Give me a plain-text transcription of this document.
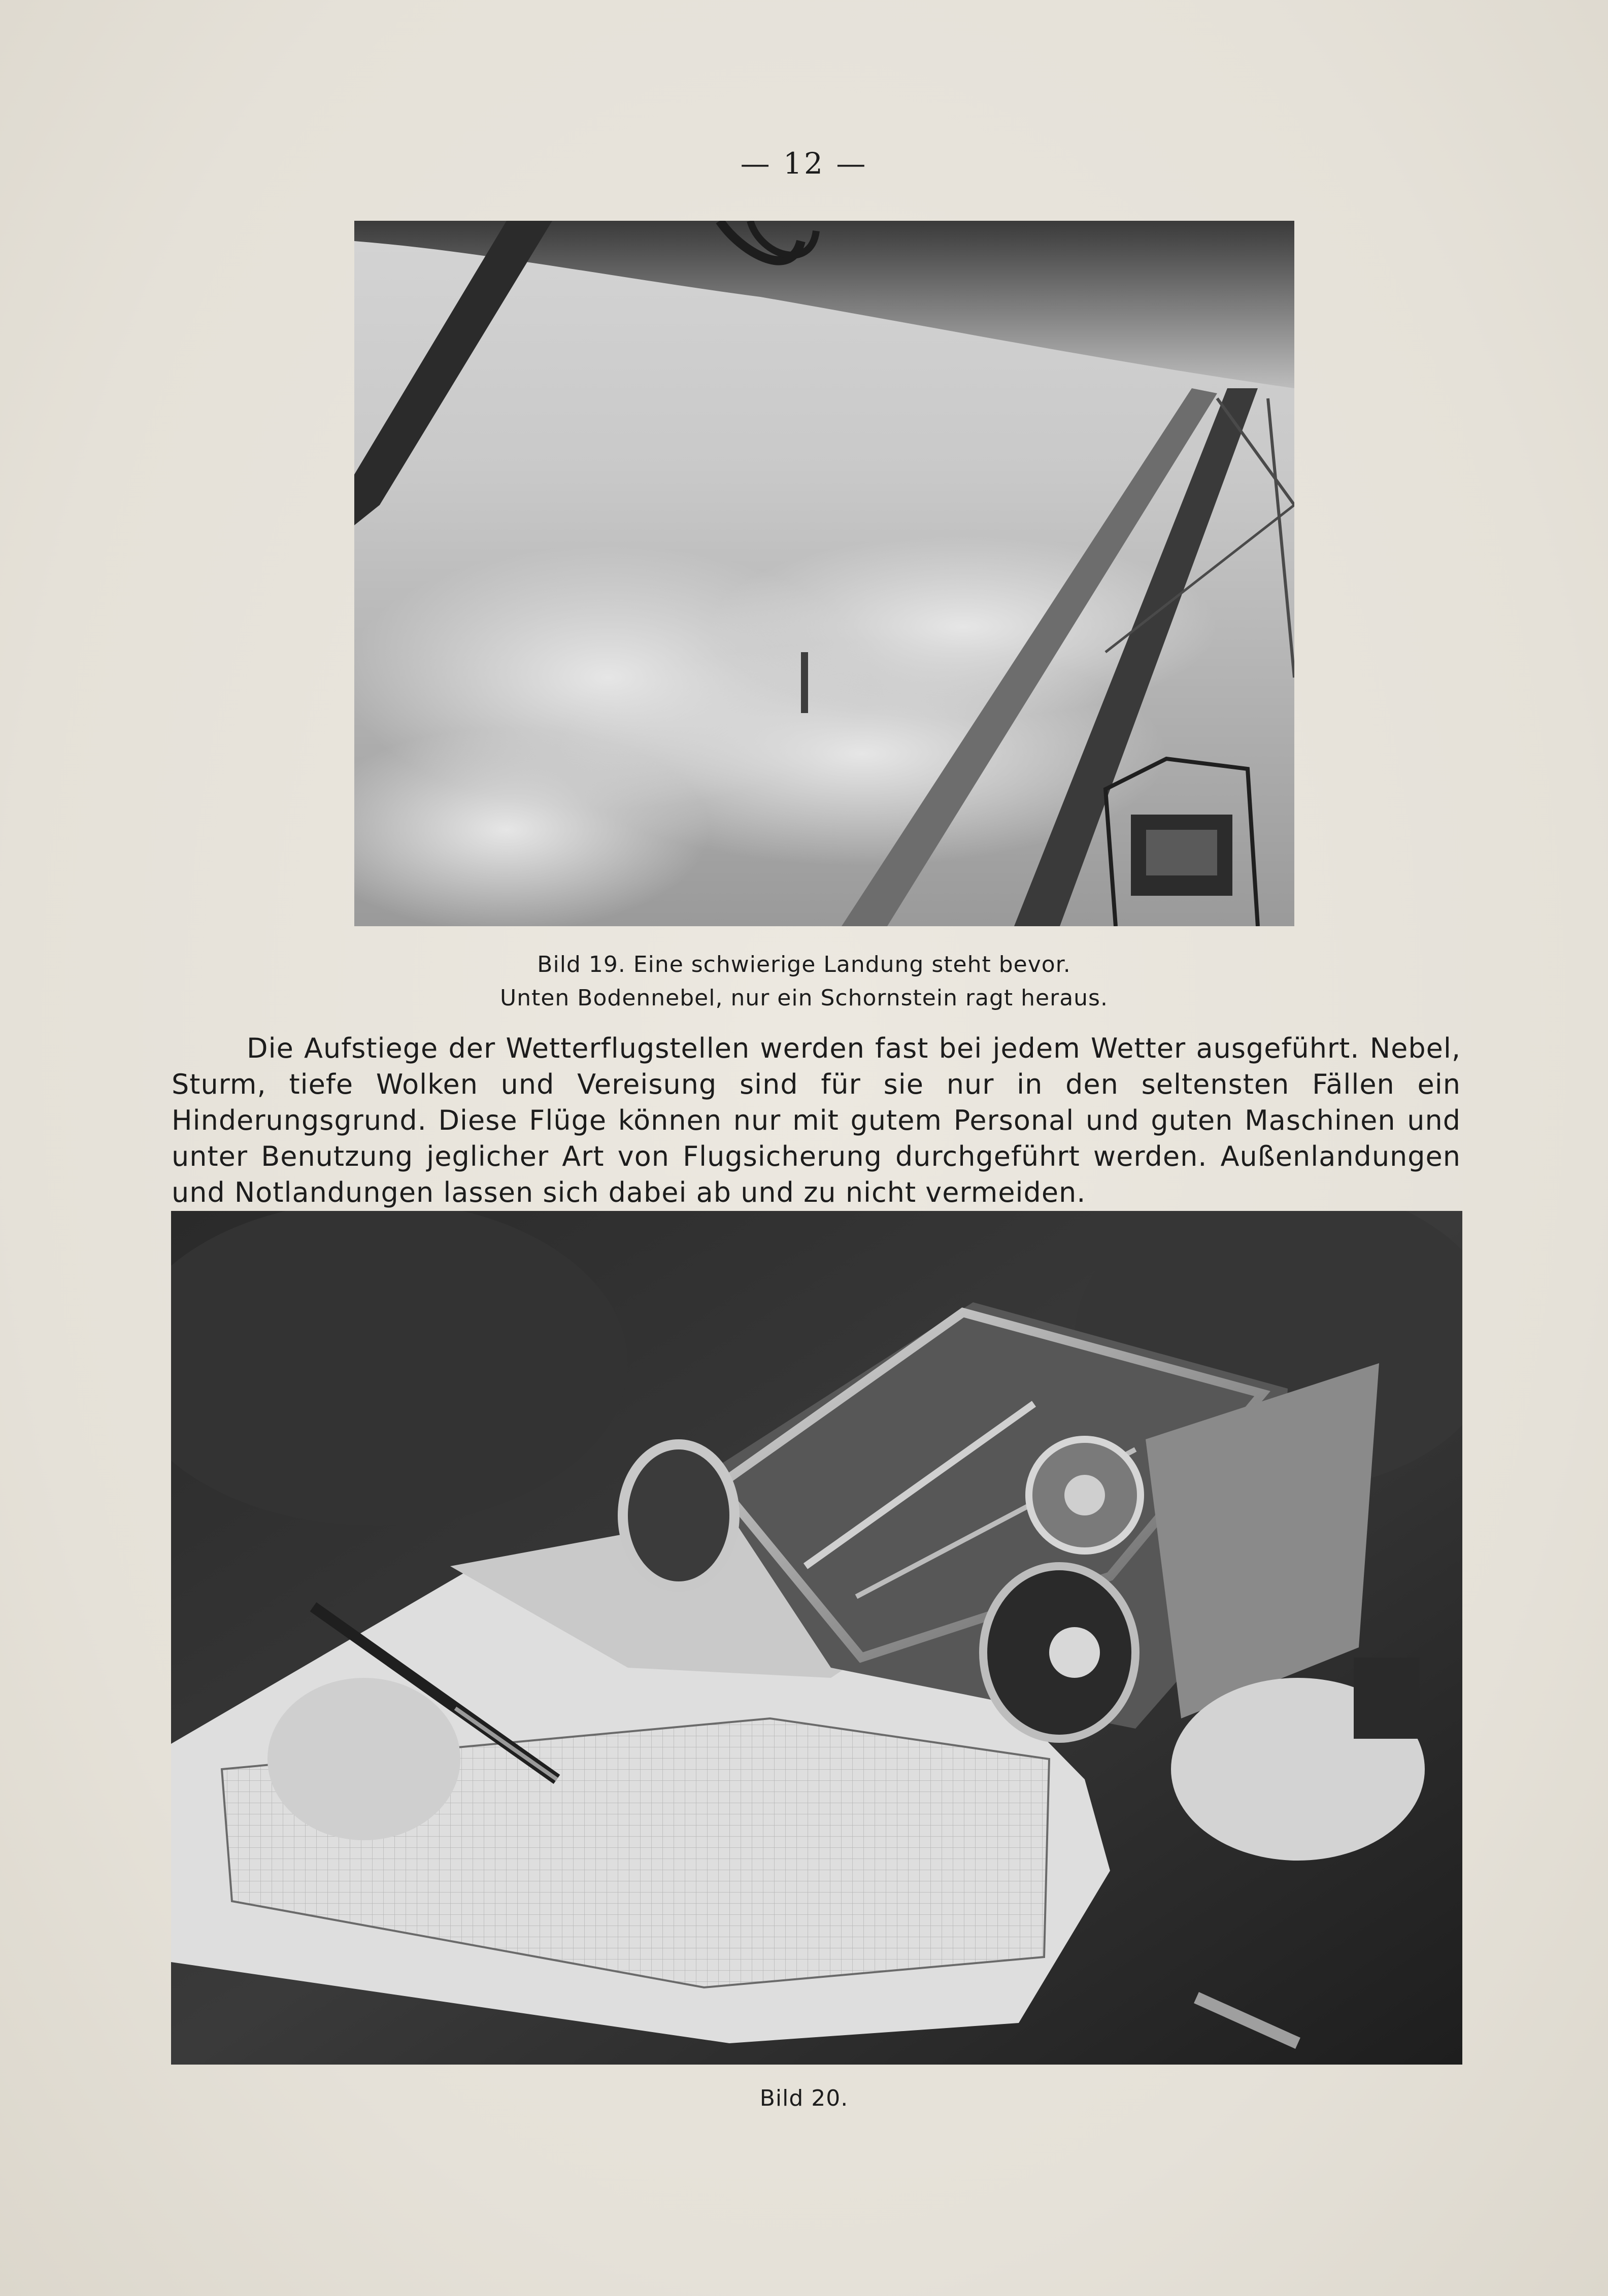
— 12 —
Bild 19. Eine schwierige Landung steht bevor.
Unten Bodennebel, nur ein Schornstein ragt heraus.

Die Aufstiege der Wetterflugstellen werden fast bei jedem Wetter ausgeführt. Nebel, Sturm, tiefe Wolken und Vereisung sind für sie nur in den seltensten Fällen ein Hinderungsgrund. Diese Flüge können nur mit gutem Personal und guten Maschinen und unter Benutzung jeglicher Art von Flugsicherung durchgeführt werden. Außenlandungen und Notlandungen lassen sich dabei ab und zu nicht vermeiden.

Bild 20.
